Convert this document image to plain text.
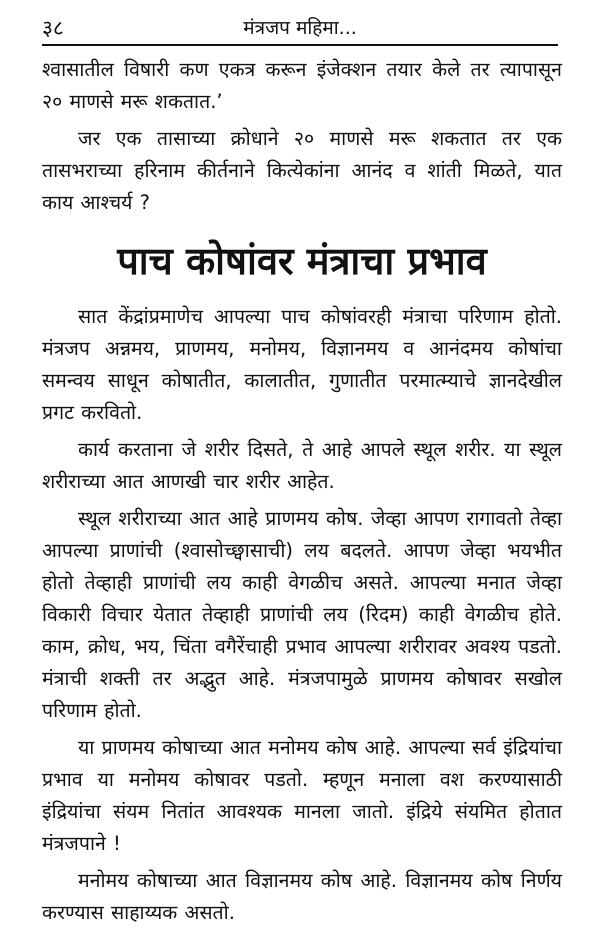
३८	मंत्रजप महिमा...

श्वासातील विषारी कण एकत्र करून इंजेक्शन तयार केले तर त्यापासून २० माणसे मरू शकतात.’

जर एक तासाच्या क्रोधाने २० माणसे मरू शकतात तर एक तासभराच्या हरिनाम कीर्तनाने कित्येकांना आनंद व शांती मिळते, यात काय आश्चर्य ?

पाच कोषांवर मंत्राचा प्रभाव

सात केंद्रांप्रमाणेच आपल्या पाच कोषांवरही मंत्राचा परिणाम होतो. मंत्रजप अन्नमय, प्राणमय, मनोमय, विज्ञानमय व आनंदमय कोषांचा समन्वय साधून कोषातीत, कालातीत, गुणातीत परमात्म्याचे ज्ञानदेखील प्रगट करवितो.

कार्य करताना जे शरीर दिसते, ते आहे आपले स्थूल शरीर. या स्थूल शरीराच्या आत आणखी चार शरीर आहेत.

स्थूल शरीराच्या आत आहे प्राणमय कोष. जेव्हा आपण रागावतो तेव्हा आपल्या प्राणांची (श्वासोच्छ्वासाची) लय बदलते. आपण जेव्हा भयभीत होतो तेव्हाही प्राणांची लय काही वेगळीच असते. आपल्या मनात जेव्हा विकारी विचार येतात तेव्हाही प्राणांची लय (रिदम) काही वेगळीच होते. काम, क्रोध, भय, चिंता वगैरेंचाही प्रभाव आपल्या शरीरावर अवश्य पडतो. मंत्राची शक्ती तर अद्भुत आहे. मंत्रजपामुळे प्राणमय कोषावर सखोल परिणाम होतो.

या प्राणमय कोषाच्या आत मनोमय कोष आहे. आपल्या सर्व इंद्रियांचा प्रभाव या मनोमय कोषावर पडतो. म्हणून मनाला वश करण्यासाठी इंद्रियांचा संयम नितांत आवश्यक मानला जातो. इंद्रिये संयमित होतात मंत्रजपाने !

मनोमय कोषाच्या आत विज्ञानमय कोष आहे. विज्ञानमय कोष निर्णय करण्यास साहाय्यक असतो.
